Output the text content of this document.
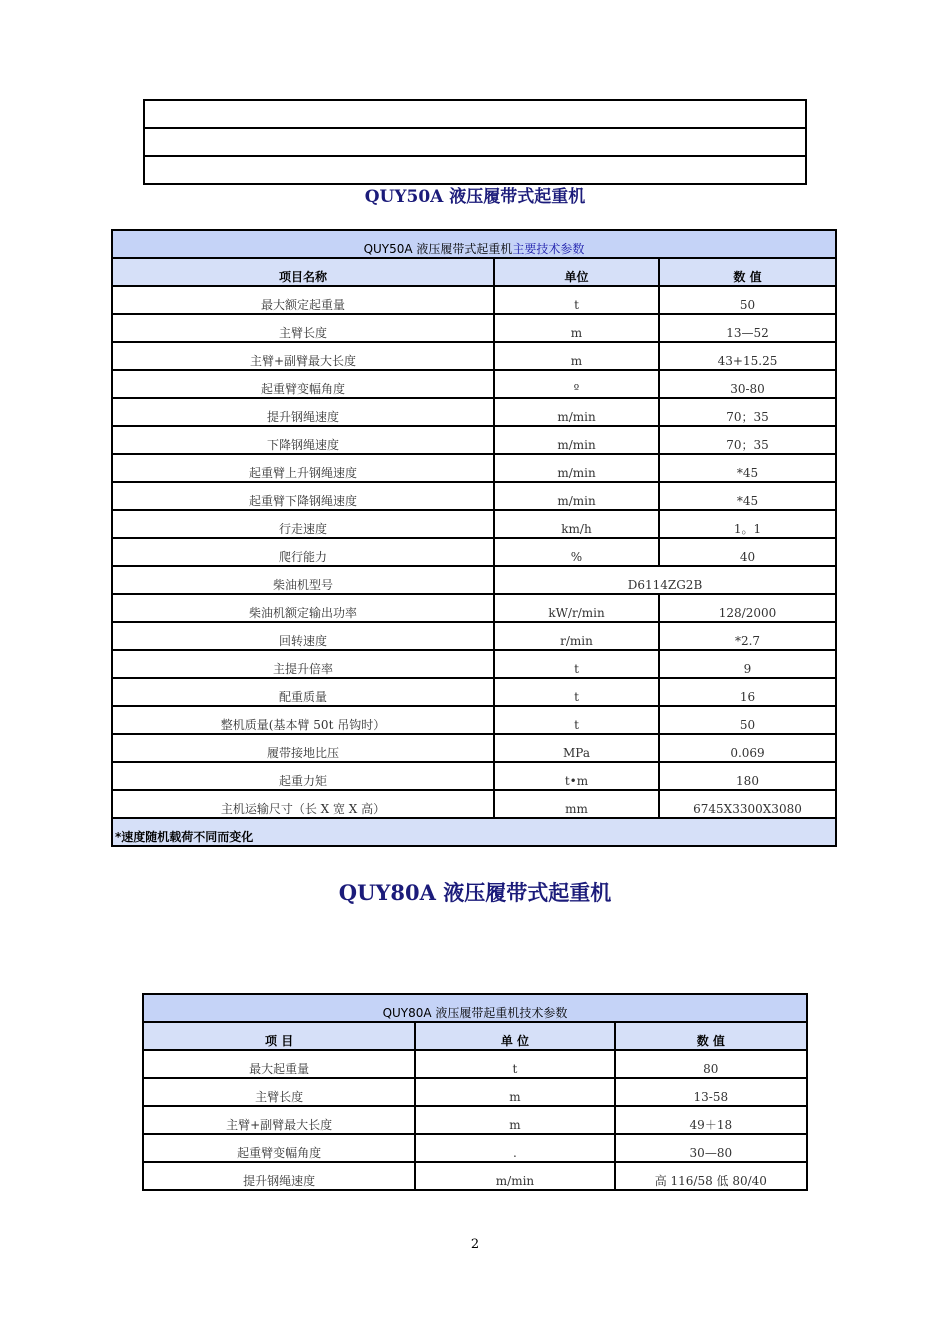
QUY50A 液压履带式起重机
QUY50A 液压履带式起重机主要技术参数		
项目名称	单位	数 值
最大额定起重量	t	50
主臂长度	m	13—52
主臂+副臂最大长度	m	43+15.25
起重臂变幅角度	º	30-80
提升钢绳速度	m/min	70；35
下降钢绳速度	m/min	70；35
起重臂上升钢绳速度	m/min	*45
起重臂下降钢绳速度	m/min	*45
行走速度	km/h	1。1
爬行能力	%	40
柴油机型号	D6114ZG2B	
柴油机额定输出功率	kW/r/min	128/2000
回转速度	r/min	*2.7
主提升倍率	t	9
配重质量	t	16
整机质量(基本臂 50t 吊钩时）	t	50
履带接地比压	MPa	0.069
起重力矩	t•m	180
主机运输尺寸（长 X 宽 X 高）	mm	6745X3300X3080
*速度随机载荷不同而变化		
QUY80A 液压履带式起重机
QUY80A 液压履带起重机技术参数		
项 目	单 位	数 值
最大起重量	t	80
主臂长度	m	13-58
主臂+副臂最大长度	m	49＋18
起重臂变幅角度	.	30—80
提升钢绳速度	m/min	高 116/58 低 80/40
2
